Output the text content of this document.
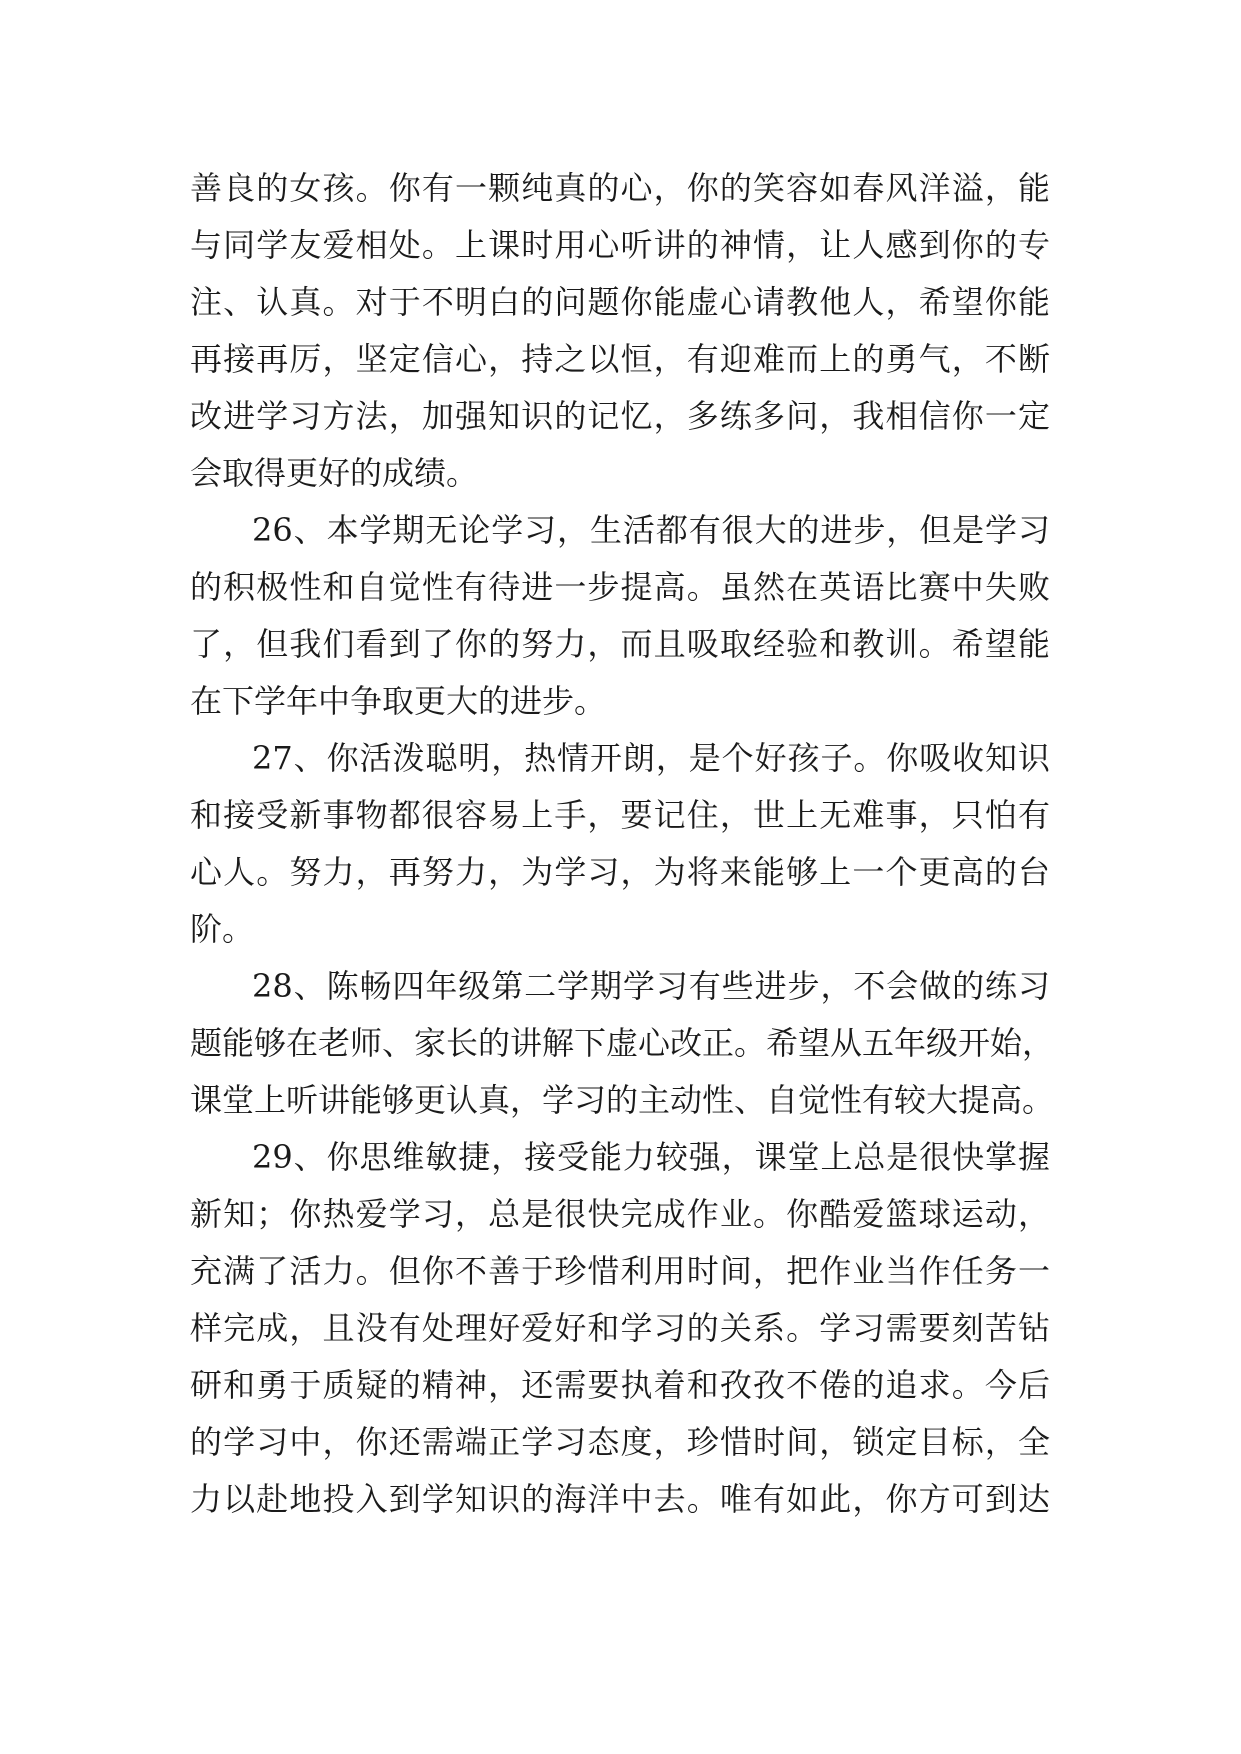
善良的女孩。你有一颗纯真的心，你的笑容如春风洋溢，能
与同学友爱相处。上课时用心听讲的神情，让人感到你的专
注、认真。对于不明白的问题你能虚心请教他人，希望你能
再接再厉，坚定信心，持之以恒，有迎难而上的勇气，不断
改进学习方法，加强知识的记忆，多练多问，我相信你一定
会取得更好的成绩。
26、本学期无论学习，生活都有很大的进步，但是学习
的积极性和自觉性有待进一步提高。虽然在英语比赛中失败
了，但我们看到了你的努力，而且吸取经验和教训。希望能
在下学年中争取更大的进步。
27、你活泼聪明，热情开朗，是个好孩子。你吸收知识
和接受新事物都很容易上手，要记住，世上无难事，只怕有
心人。努力，再努力，为学习，为将来能够上一个更高的台
阶。
28、陈畅四年级第二学期学习有些进步，不会做的练习
题能够在老师、家长的讲解下虚心改正。希望从五年级开始，
课堂上听讲能够更认真，学习的主动性、自觉性有较大提高。
29、你思维敏捷，接受能力较强，课堂上总是很快掌握
新知；你热爱学习，总是很快完成作业。你酷爱篮球运动，
充满了活力。但你不善于珍惜利用时间，把作业当作任务一
样完成，且没有处理好爱好和学习的关系。学习需要刻苦钻
研和勇于质疑的精神，还需要执着和孜孜不倦的追求。今后
的学习中，你还需端正学习态度，珍惜时间，锁定目标，全
力以赴地投入到学知识的海洋中去。唯有如此，你方可到达
